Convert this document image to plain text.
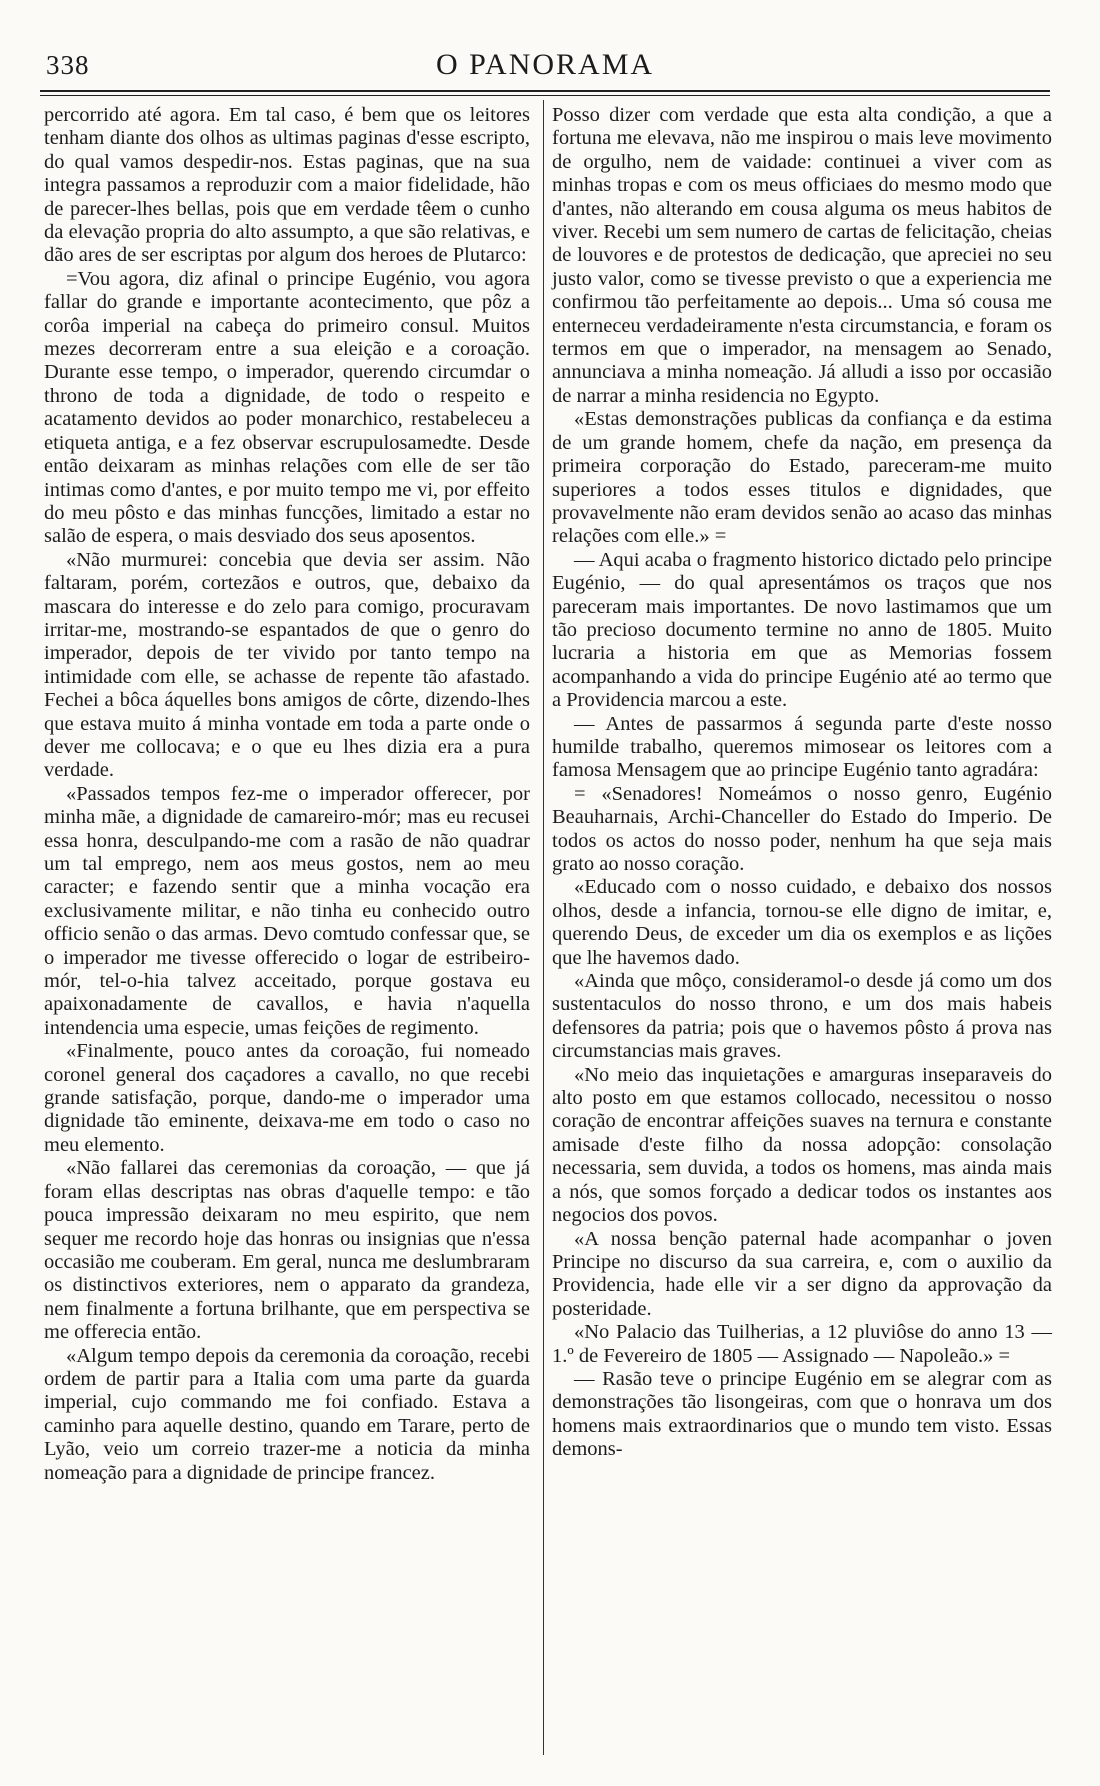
338	O PANORAMA

percorrido até agora. Em tal caso, é bem que os leitores tenham diante dos olhos as ultimas paginas d'esse escripto, do qual vamos despedir-nos. Estas paginas, que na sua integra passamos a reproduzir com a maior fidelidade, hão de parecer-lhes bellas, pois que em verdade têem o cunho da elevação propria do alto assumpto, a que são relativas, e dão ares de ser escriptas por algum dos heroes de Plutarco:

=Vou agora, diz afinal o principe Eugénio, vou agora fallar do grande e importante acontecimento, que pôz a corôa imperial na cabeça do primeiro consul. Muitos mezes decorreram entre a sua eleição e a coroação. Durante esse tempo, o imperador, querendo circumdar o throno de toda a dignidade, de todo o respeito e acatamento devidos ao poder monarchico, restabeleceu a etiqueta antiga, e a fez observar escrupulosamedte. Desde então deixaram as minhas relações com elle de ser tão intimas como d'antes, e por muito tempo me vi, por effeito do meu pôsto e das minhas funcções, limitado a estar no salão de espera, o mais desviado dos seus aposentos.

«Não murmurei: concebia que devia ser assim. Não faltaram, porém, cortezãos e outros, que, debaixo da mascara do interesse e do zelo para comigo, procuravam irritar-me, mostrando-se espantados de que o genro do imperador, depois de ter vivido por tanto tempo na intimidade com elle, se achasse de repente tão afastado. Fechei a bôca áquelles bons amigos de côrte, dizendo-lhes que estava muito á minha vontade em toda a parte onde o dever me collocava; e o que eu lhes dizia era a pura verdade.

«Passados tempos fez-me o imperador offerecer, por minha mãe, a dignidade de camareiro-mór; mas eu recusei essa honra, desculpando-me com a rasão de não quadrar um tal emprego, nem aos meus gostos, nem ao meu caracter; e fazendo sentir que a minha vocação era exclusivamente militar, e não tinha eu conhecido outro officio senão o das armas. Devo comtudo confessar que, se o imperador me tivesse offerecido o logar de estribeiro-mór, tel-o-hia talvez acceitado, porque gostava eu apaixonadamente de cavallos, e havia n'aquella intendencia uma especie, umas feições de regimento.

«Finalmente, pouco antes da coroação, fui nomeado coronel general dos caçadores a cavallo, no que recebi grande satisfação, porque, dando-me o imperador uma dignidade tão eminente, deixava-me em todo o caso no meu elemento.

«Não fallarei das ceremonias da coroação, — que já foram ellas descriptas nas obras d'aquelle tempo: e tão pouca impressão deixaram no meu espirito, que nem sequer me recordo hoje das honras ou insignias que n'essa occasião me couberam. Em geral, nunca me deslumbraram os distinctivos exteriores, nem o apparato da grandeza, nem finalmente a fortuna brilhante, que em perspectiva se me offerecia então.

«Algum tempo depois da ceremonia da coroação, recebi ordem de partir para a Italia com uma parte da guarda imperial, cujo commando me foi confiado. Estava a caminho para aquelle destino, quando em Tarare, perto de Lyão, veio um correio trazer-me a noticia da minha nomeação para a dignidade de principe francez.

Posso dizer com verdade que esta alta condição, a que a fortuna me elevava, não me inspirou o mais leve movimento de orgulho, nem de vaidade: continuei a viver com as minhas tropas e com os meus officiaes do mesmo modo que d'antes, não alterando em cousa alguma os meus habitos de viver. Recebi um sem numero de cartas de felicitação, cheias de louvores e de protestos de dedicação, que apreciei no seu justo valor, como se tivesse previsto o que a experiencia me confirmou tão perfeitamente ao depois... Uma só cousa me enterneceu verdadeiramente n'esta circumstancia, e foram os termos em que o imperador, na mensagem ao Senado, annunciava a minha nomeação. Já alludi a isso por occasião de narrar a minha residencia no Egypto.

«Estas demonstrações publicas da confiança e da estima de um grande homem, chefe da nação, em presença da primeira corporação do Estado, pareceram-me muito superiores a todos esses titulos e dignidades, que provavelmente não eram devidos senão ao acaso das minhas relações com elle.» =

— Aqui acaba o fragmento historico dictado pelo principe Eugénio, — do qual apresentámos os traços que nos pareceram mais importantes. De novo lastimamos que um tão precioso documento termine no anno de 1805. Muito lucraria a historia em que as Memorias fossem acompanhando a vida do principe Eugénio até ao termo que a Providencia marcou a este.

— Antes de passarmos á segunda parte d'este nosso humilde trabalho, queremos mimosear os leitores com a famosa Mensagem que ao principe Eugénio tanto agradára:

= «Senadores! Nomeámos o nosso genro, Eugénio Beauharnais, Archi-Chanceller do Estado do Imperio. De todos os actos do nosso poder, nenhum ha que seja mais grato ao nosso coração.

«Educado com o nosso cuidado, e debaixo dos nossos olhos, desde a infancia, tornou-se elle digno de imitar, e, querendo Deus, de exceder um dia os exemplos e as lições que lhe havemos dado.

«Ainda que môço, consideramol-o desde já como um dos sustentaculos do nosso throno, e um dos mais habeis defensores da patria; pois que o havemos pôsto á prova nas circumstancias mais graves.

«No meio das inquietações e amarguras inseparaveis do alto posto em que estamos collocado, necessitou o nosso coração de encontrar affeições suaves na ternura e constante amisade d'este filho da nossa adopção: consolação necessaria, sem duvida, a todos os homens, mas ainda mais a nós, que somos forçado a dedicar todos os instantes aos negocios dos povos.

«A nossa benção paternal hade acompanhar o joven Principe no discurso da sua carreira, e, com o auxilio da Providencia, hade elle vir a ser digno da approvação da posteridade.

«No Palacio das Tuilherias, a 12 pluviôse do anno 13 — 1.º de Fevereiro de 1805 — Assignado — Napoleão.» =

— Rasão teve o principe Eugénio em se alegrar com as demonstrações tão lisongeiras, com que o honrava um dos homens mais extraordinarios que o mundo tem visto. Essas demons-
